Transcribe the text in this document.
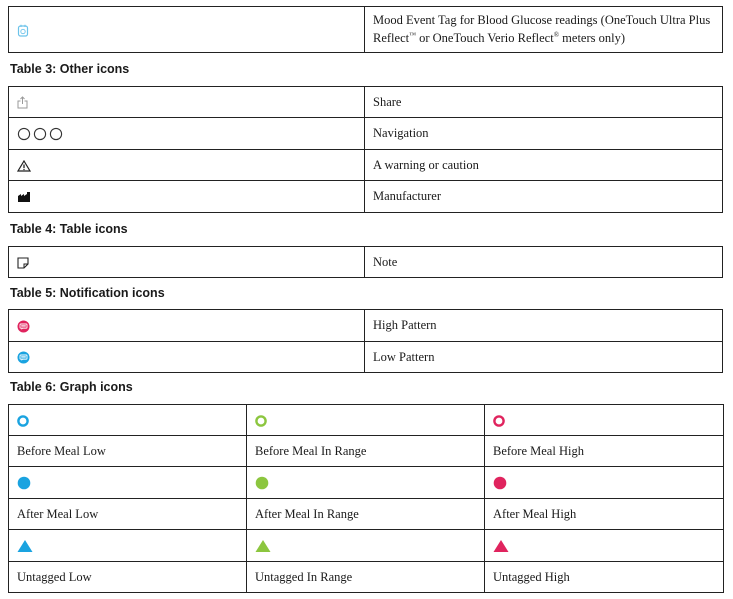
	Mood Event Tag for Blood Glucose readings (OneTouch Ultra Plus Reflect™ or OneTouch Verio Reflect® meters only)
Table 3: Other icons
	Share
	Navigation
	A warning or caution
	Manufacturer
Table 4: Table icons
	Note
Table 5: Notification icons
	High Pattern
	Low Pattern
Table 6: Graph icons

Before Meal Low	Before Meal In Range	Before Meal High

After Meal Low	After Meal In Range	After Meal High

Untagged Low	Untagged In Range	Untagged High
